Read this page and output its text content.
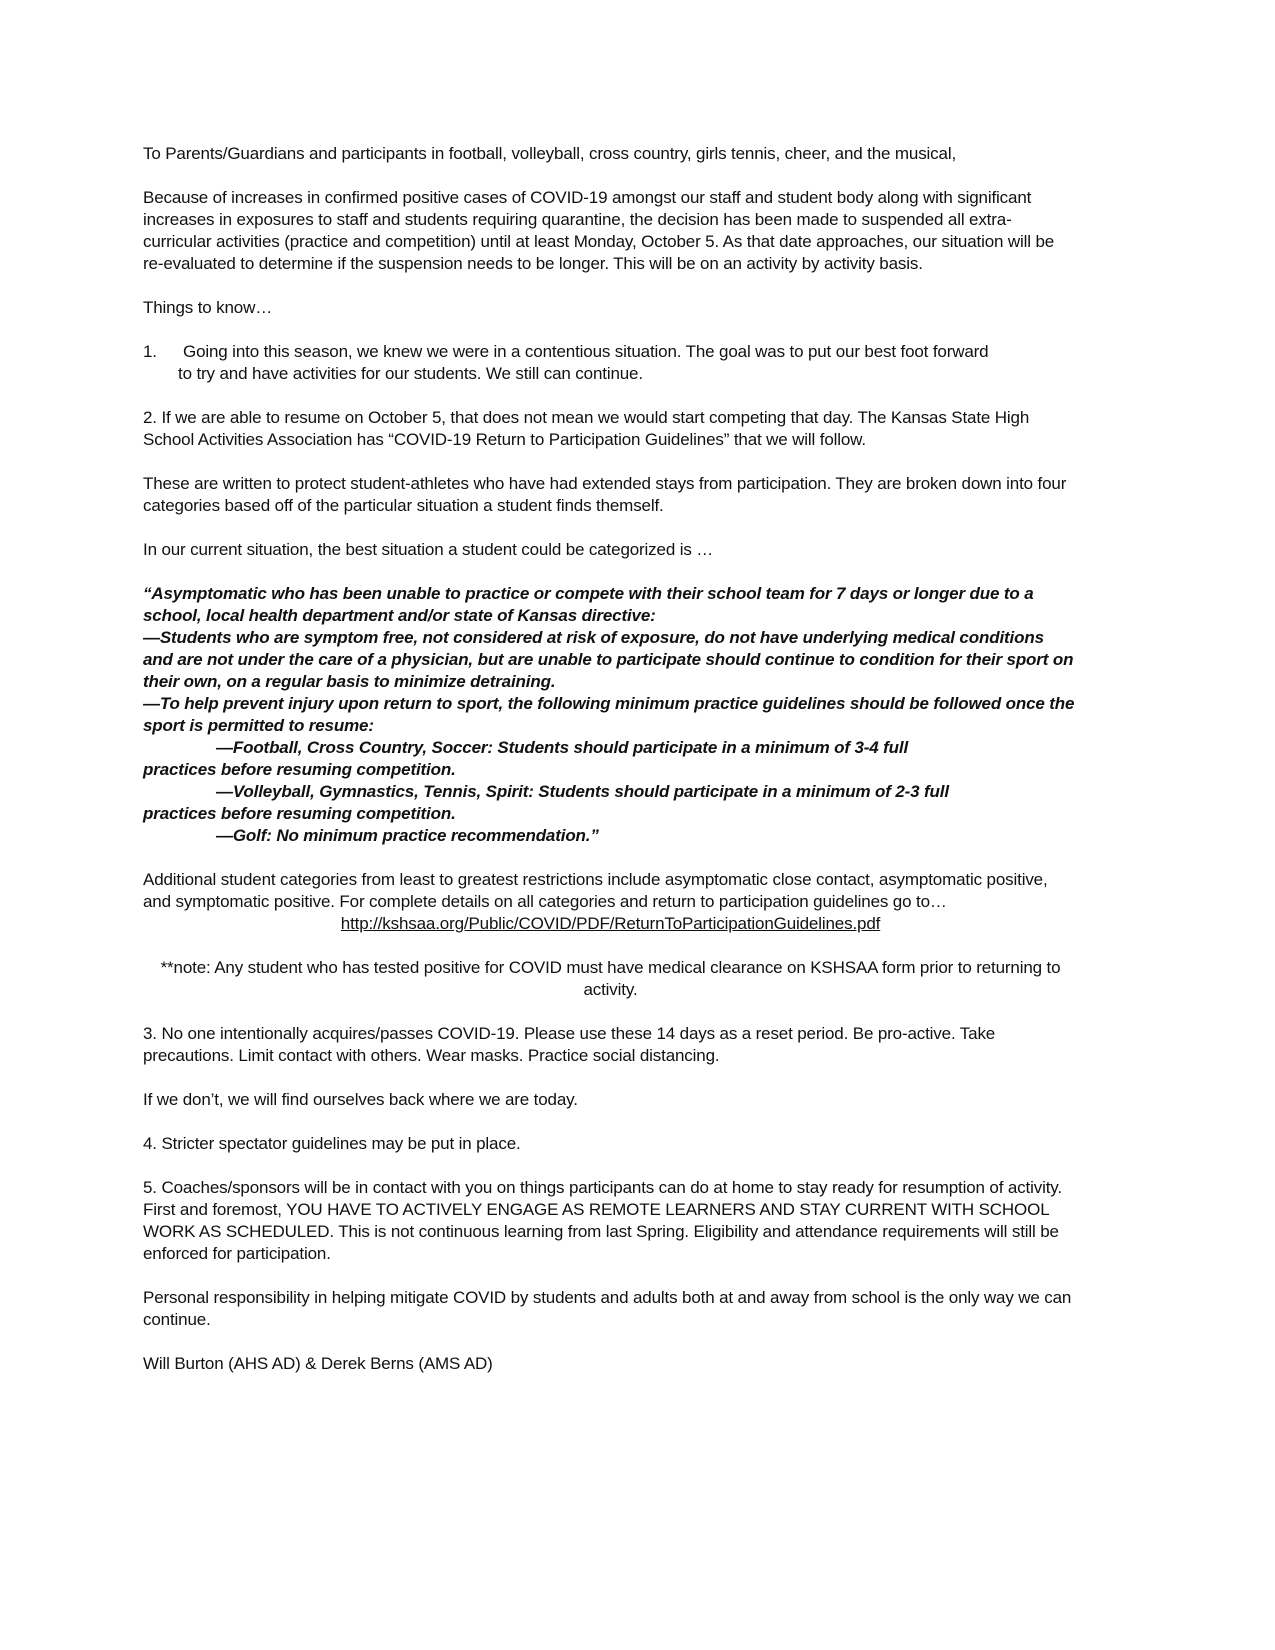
To Parents/Guardians and participants in football, volleyball, cross country, girls tennis, cheer, and the musical,

Because of increases in confirmed positive cases of COVID-19 amongst our staff and student body along with significant increases in exposures to staff and students requiring quarantine, the decision has been made to suspended all extra-curricular activities (practice and competition) until at least Monday, October 5. As that date approaches, our situation will be re-evaluated to determine if the suspension needs to be longer. This will be on an activity by activity basis.

Things to know…

1.	Going into this season, we knew we were in a contentious situation. The goal was to put our best foot forward
to try and have activities for our students. We still can continue.

2. If we are able to resume on October 5, that does not mean we would start competing that day. The Kansas State High School Activities Association has “COVID-19 Return to Participation Guidelines” that we will follow.

These are written to protect student-athletes who have had extended stays from participation. They are broken down into four categories based off of the particular situation a student finds themself.

In our current situation, the best situation a student could be categorized is …

“Asymptomatic who has been unable to practice or compete with their school team for 7 days or longer due to a school, local health department and/or state of Kansas directive:
—Students who are symptom free, not considered at risk of exposure, do not have underlying medical conditions and are not under the care of a physician, but are unable to participate should continue to condition for their sport on their own, on a regular basis to minimize detraining.
—To help prevent injury upon return to sport, the following minimum practice guidelines should be followed once the sport is permitted to resume:
—Football, Cross Country, Soccer: Students should participate in a minimum of 3-4 full
practices before resuming competition.
—Volleyball, Gymnastics, Tennis, Spirit: Students should participate in a minimum of 2-3 full
practices before resuming competition.
—Golf: No minimum practice recommendation.”

Additional student categories from least to greatest restrictions include asymptomatic close contact, asymptomatic positive, and symptomatic positive. For complete details on all categories and return to participation guidelines go to…

http://kshsaa.org/Public/COVID/PDF/ReturnToParticipationGuidelines.pdf

**note: Any student who has tested positive for COVID must have medical clearance on KSHSAA form prior to returning to activity.

3. No one intentionally acquires/passes COVID-19. Please use these 14 days as a reset period. Be pro-active. Take precautions. Limit contact with others. Wear masks. Practice social distancing.

If we don’t, we will find ourselves back where we are today.

4. Stricter spectator guidelines may be put in place.

5. Coaches/sponsors will be in contact with you on things participants can do at home to stay ready for resumption of activity. First and foremost, YOU HAVE TO ACTIVELY ENGAGE AS REMOTE LEARNERS AND STAY CURRENT WITH SCHOOL WORK AS SCHEDULED. This is not continuous learning from last Spring. Eligibility and attendance requirements will still be enforced for participation.

Personal responsibility in helping mitigate COVID by students and adults both at and away from school is the only way we can continue.

Will Burton (AHS AD) & Derek Berns (AMS AD)
